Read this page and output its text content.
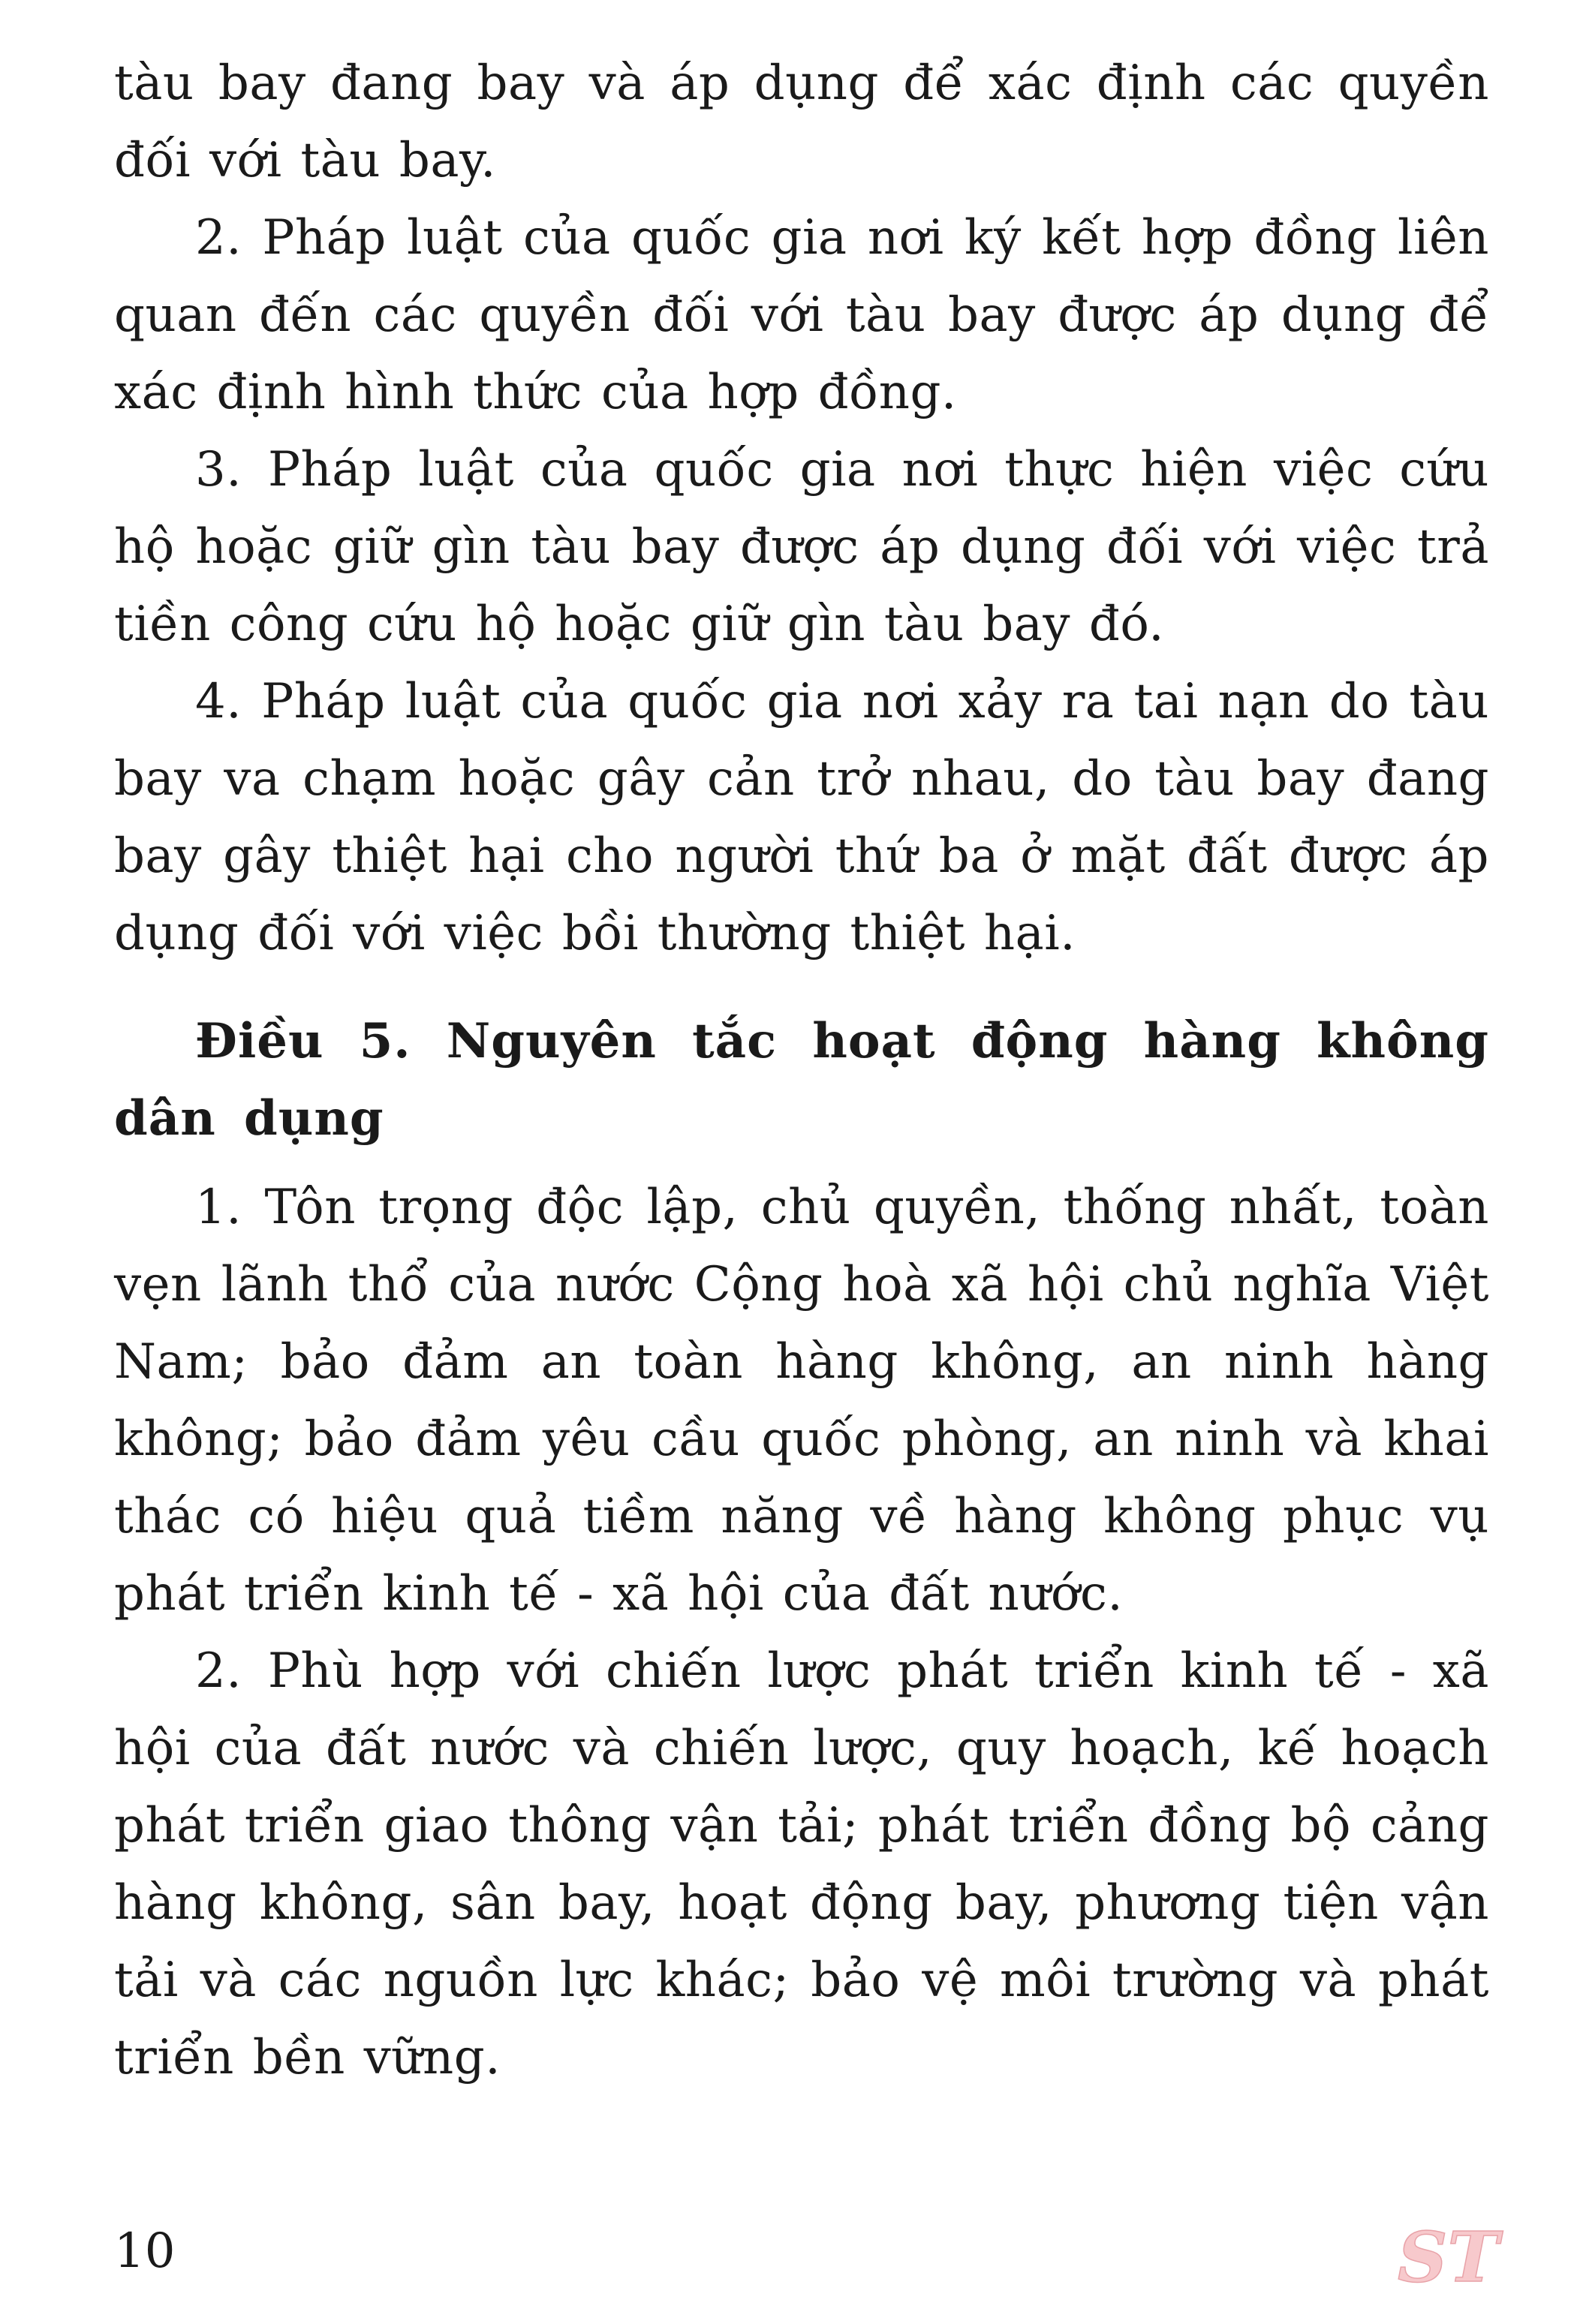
tàu bay đang bay và áp dụng để xác định các quyền đối với tàu bay.

2. Pháp luật của quốc gia nơi ký kết hợp đồng liên quan đến các quyền đối với tàu bay được áp dụng để xác định hình thức của hợp đồng.

3. Pháp luật của quốc gia nơi thực hiện việc cứu hộ hoặc giữ gìn tàu bay được áp dụng đối với việc trả tiền công cứu hộ hoặc giữ gìn tàu bay đó.

4. Pháp luật của quốc gia nơi xảy ra tai nạn do tàu bay va chạm hoặc gây cản trở nhau, do tàu bay đang bay gây thiệt hại cho người thứ ba ở mặt đất được áp dụng đối với việc bồi thường thiệt hại.

Điều 5. Nguyên tắc hoạt động hàng không dân dụng

1. Tôn trọng độc lập, chủ quyền, thống nhất, toàn vẹn lãnh thổ của nước Cộng hoà xã hội chủ nghĩa Việt Nam; bảo đảm an toàn hàng không, an ninh hàng không; bảo đảm yêu cầu quốc phòng, an ninh và khai thác có hiệu quả tiềm năng về hàng không phục vụ phát triển kinh tế - xã hội của đất nước.

2. Phù hợp với chiến lược phát triển kinh tế - xã hội của đất nước và chiến lược, quy hoạch, kế hoạch phát triển giao thông vận tải; phát triển đồng bộ cảng hàng không, sân bay, hoạt động bay, phương tiện vận tải và các nguồn lực khác; bảo vệ môi trường và phát triển bền vững.

10	ST
